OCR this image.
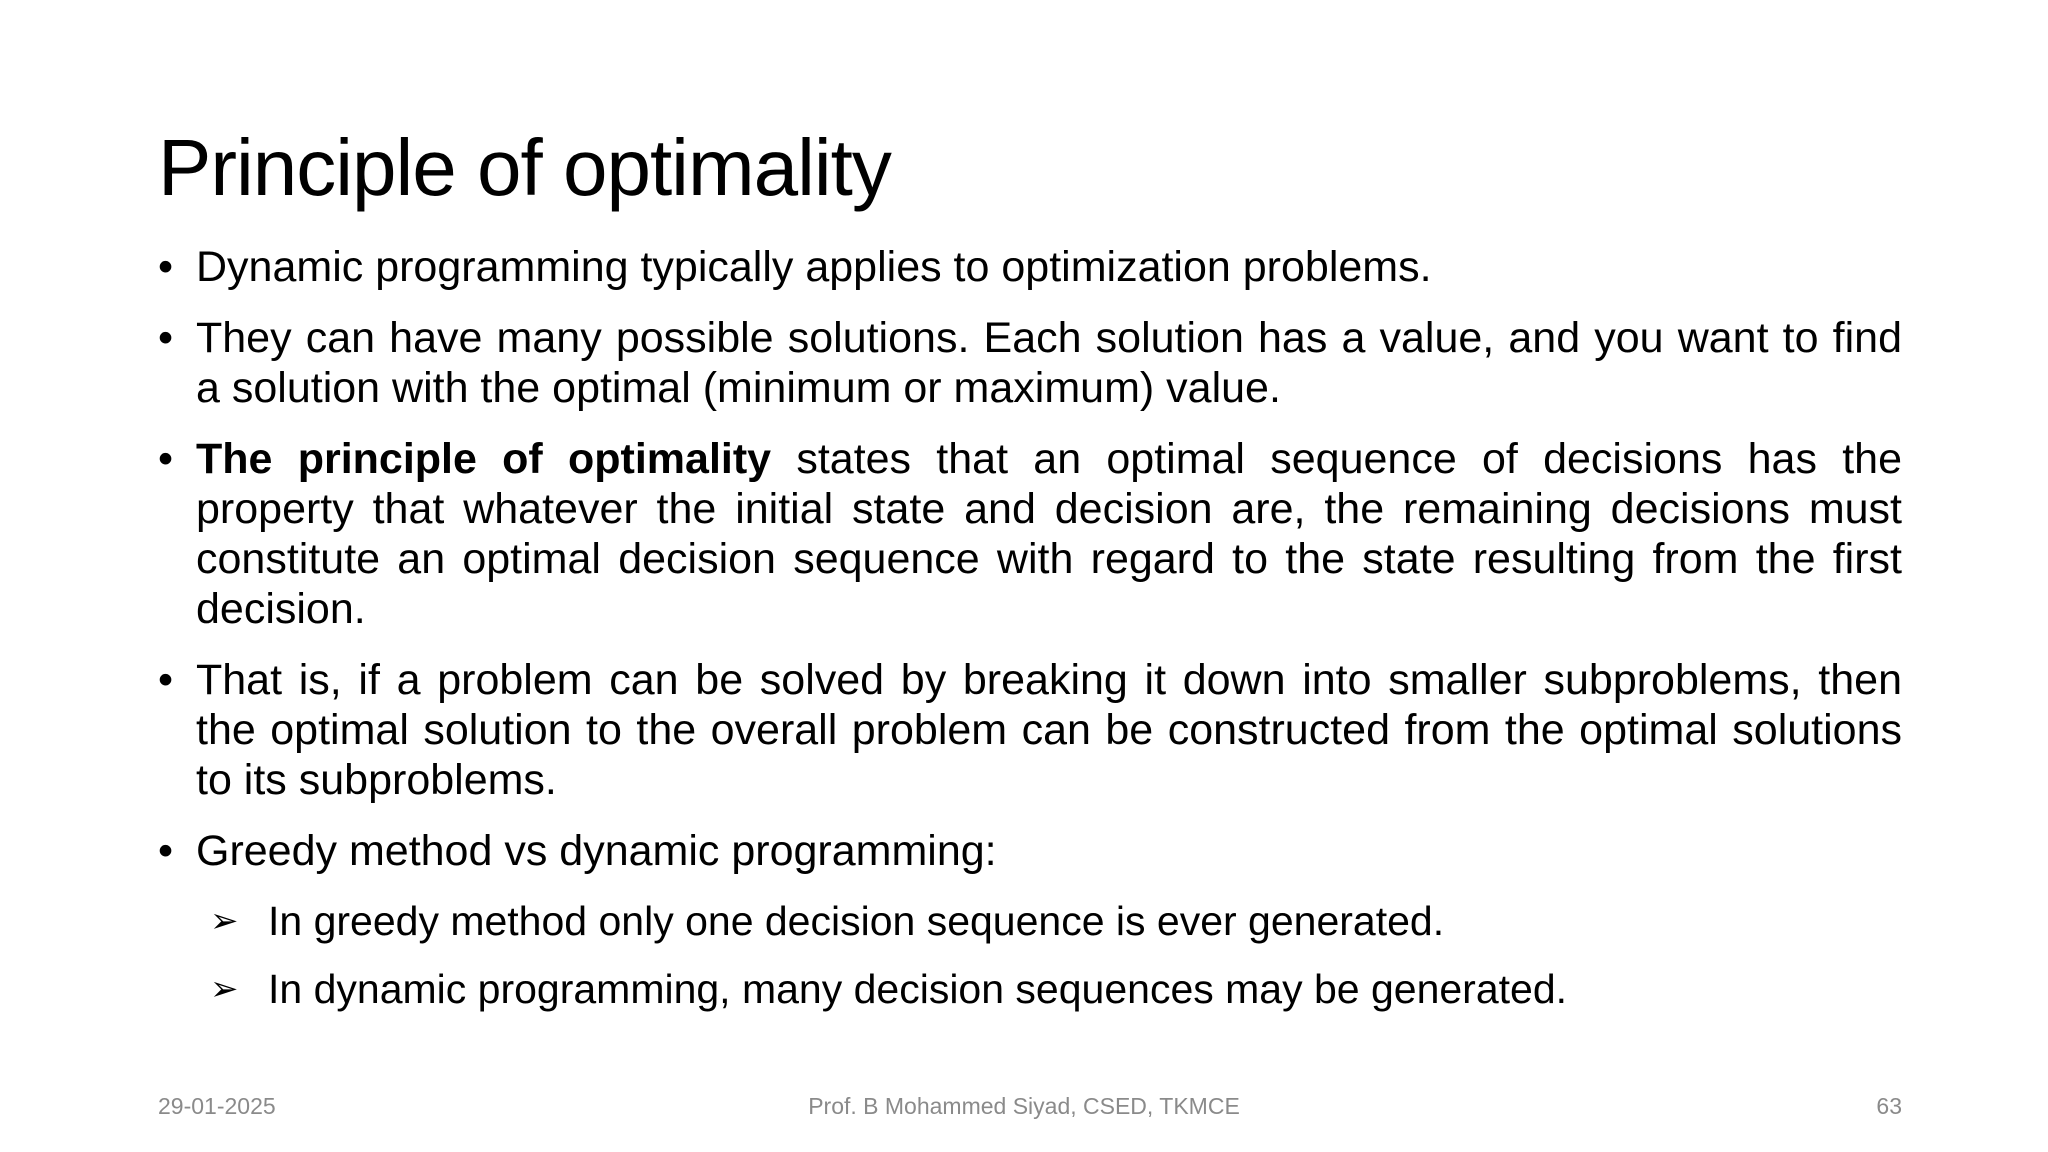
Principle of optimality
• Dynamic programming typically applies to optimization problems.
• They can have many possible solutions. Each solution has a value, and you want to find a solution with the optimal (minimum or maximum) value.
• The principle of optimality states that an optimal sequence of decisions has the property that whatever the initial state and decision are, the remaining decisions must constitute an optimal decision sequence with regard to the state resulting from the first decision.
• That is, if a problem can be solved by breaking it down into smaller subproblems, then the optimal solution to the overall problem can be constructed from the optimal solutions to its subproblems.
• Greedy method vs dynamic programming:
➢ In greedy method only one decision sequence is ever generated.
➢ In dynamic programming, many decision sequences may be generated.
29-01-2025	Prof. B Mohammed Siyad, CSED, TKMCE	63
